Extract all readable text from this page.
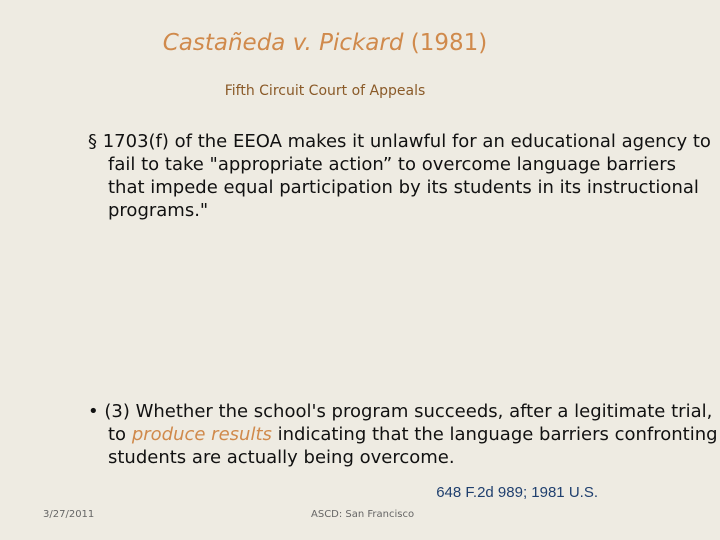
Castañeda v. Pickard (1981)
Fifth Circuit Court of Appeals
§ 1703(f) of the EEOA makes it unlawful for an educational agency to fail to take "appropriate action” to overcome language barriers that impede equal participation by its students in its instructional programs."
• (3) Whether the school's program succeeds, after a legitimate trial, to produce results indicating that the language barriers confronting students are actually being overcome.
648 F.2d 989; 1981 U.S.
3/27/2011	ASCD: San Francisco
